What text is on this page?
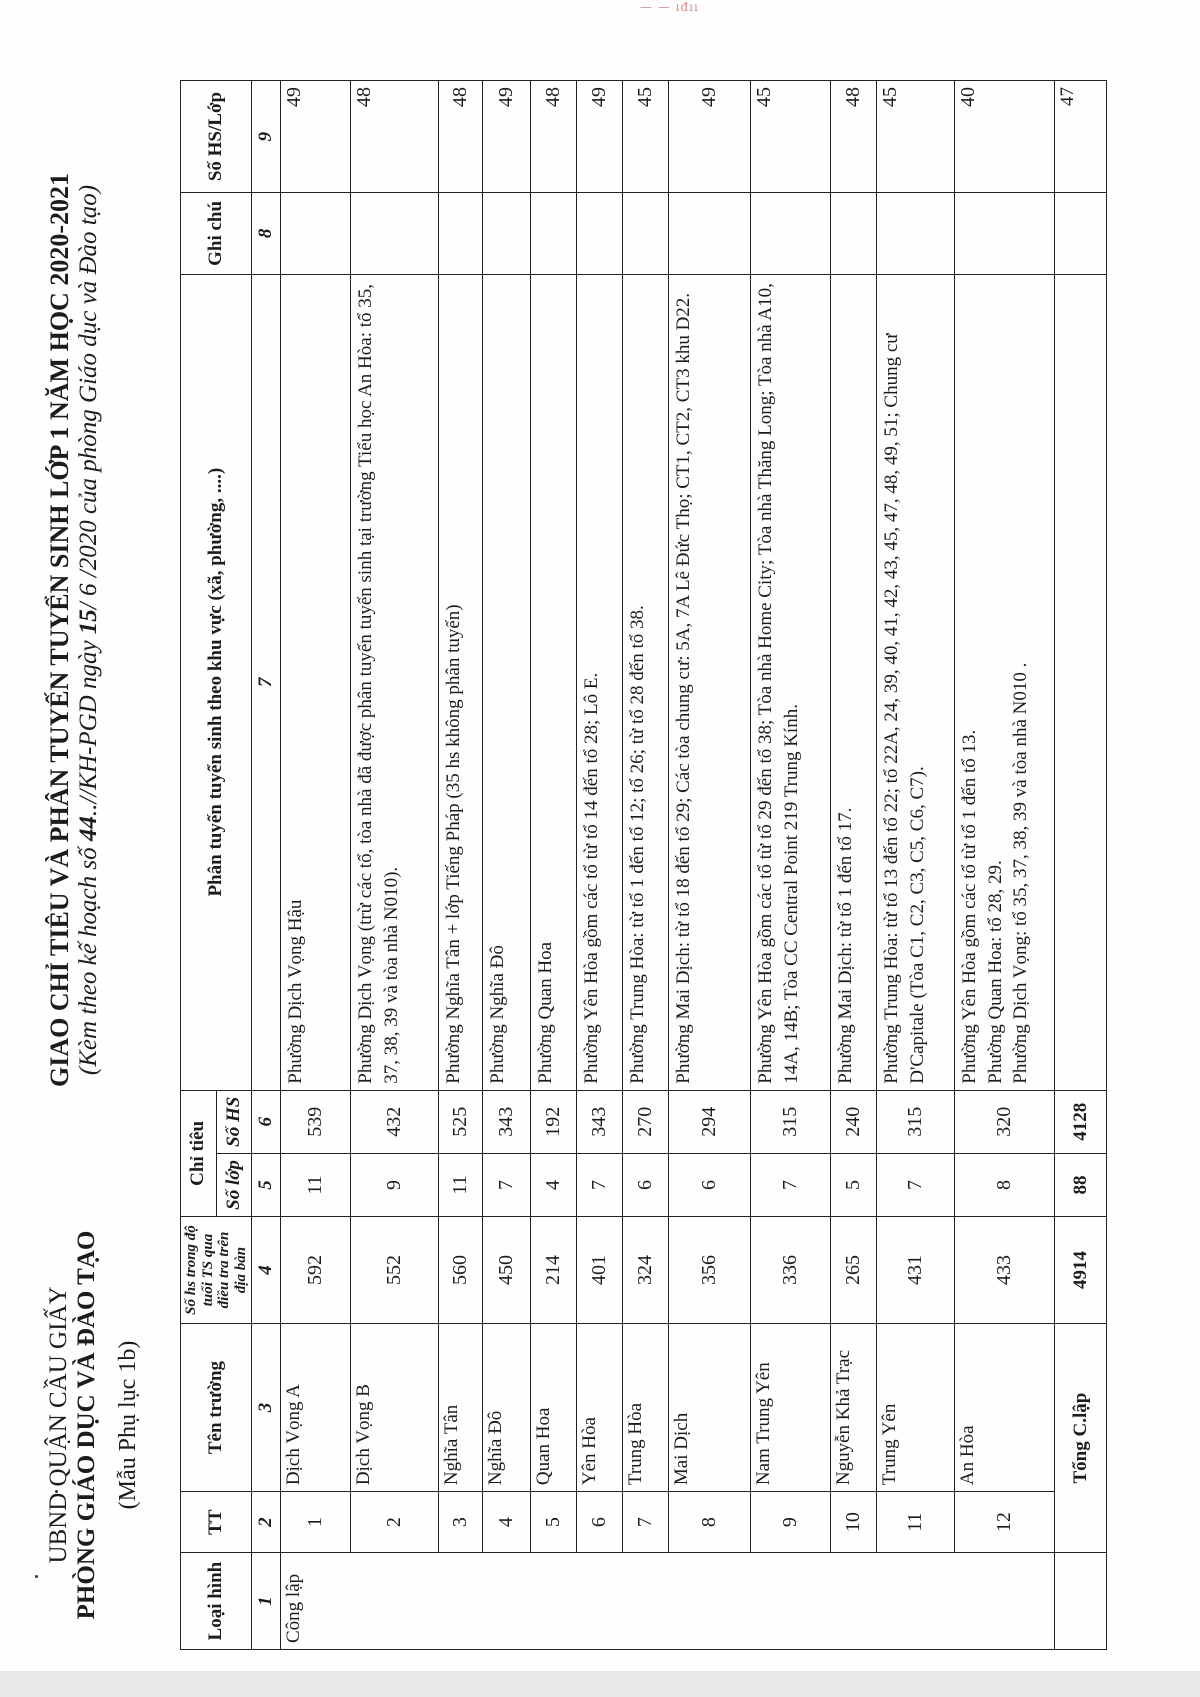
— — ıđıı
UBND QUẬN CẦU GIẤY PHÒNG GIÁO DỤC VÀ ĐÀO TẠO (Mẫu Phụ lục 1b)
GIAO CHỈ TIÊU VÀ PHÂN TUYẾN TUYỂN SINH LỚP 1 NĂM HỌC 2020-2021 (Kèm theo kế hoạch số 44..//KH-PGD ngày 15/ 6 /2020 của phòng Giáo dục và Đào tạo)
Loại hình	TT	Tên trường	Số hs trong độ tuổi TS qua điều tra trên địa bàn	Chỉ tiêu		Phân tuyến tuyển sinh theo khu vực (xã, phường, ....)	Ghi chú	Số HS/Lớp
				Số lớp	Số HS			
1	2	3	4	5	6	7	8	9
Công lập	1	Dịch Vọng A	592	11	539	Phường Dịch Vọng Hậu		49
	2	Dịch Vọng B	552	9	432	Phường Dịch Vọng (trừ các tổ, tòa nhà đã được phân tuyến tuyển sinh tại trường Tiểu học An Hòa: tổ 35, 37, 38, 39 và tòa nhà N010).		48
	3	Nghĩa Tân	560	11	525	Phường Nghĩa Tân + lớp Tiếng Pháp (35 hs không phân tuyến)		48
	4	Nghĩa Đô	450	7	343	Phường Nghĩa Đô		49
	5	Quan Hoa	214	4	192	Phường Quan Hoa		48
	6	Yên Hòa	401	7	343	Phường Yên Hòa gồm các tổ từ tổ 14 đến tổ 28; Lô E.		49
	7	Trung Hòa	324	6	270	Phường Trung Hòa: từ tổ 1 đến tổ 12; tổ 26; từ tổ 28 đến tổ 38.		45
	8	Mai Dịch	356	6	294	Phường Mai Dịch: từ tổ 18 đến tổ 29; Các tòa chung cư: 5A, 7A Lê Đức Thọ; CT1, CT2, CT3 khu D22.		49
	9	Nam Trung Yên	336	7	315	Phường Yên Hòa gồm các tổ từ tổ 29 đến tổ 38; Tòa nhà Home City; Tòa nhà Thăng Long; Tòa nhà A10, 14A, 14B; Tòa CC Central Point 219 Trung Kính.		45
	10	Nguyễn Khả Trạc	265	5	240	Phường Mai Dịch: từ tổ 1 đến tổ 17.		48
	11	Trung Yên	431	7	315	Phường Trung Hòa: từ tổ 13 đến tổ 22; tổ 22A, 24, 39, 40, 41, 42, 43, 45, 47, 48, 49, 51; Chung cư D'Capitale (Tòa C1, C2, C3, C5, C6, C7).		45
	12	An Hòa	433	8	320	Phường Yên Hòa gồm các tổ từ tổ 1 đến tổ 13. Phường Quan Hoa: tổ 28, 29. Phường Dịch Vọng: tổ 35, 37, 38, 39 và tòa nhà N010 .		40
	Tổng C.lập		4914	88	4128			47
